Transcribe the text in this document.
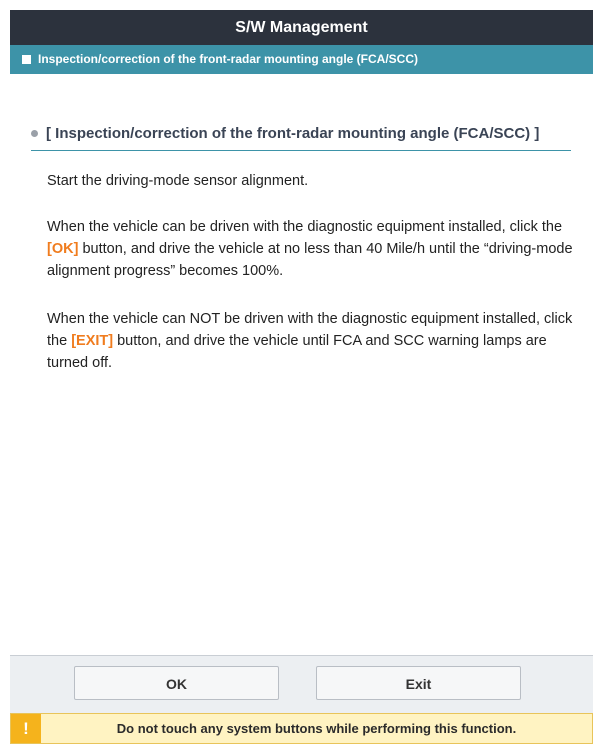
S/W Management
Inspection/correction of the front-radar mounting angle (FCA/SCC)
[ Inspection/correction of the front-radar mounting angle (FCA/SCC) ]
Start the driving-mode sensor alignment.
When the vehicle can be driven with the diagnostic equipment installed, click the [OK] button, and drive the vehicle at no less than 40 Mile/h until the “driving-mode alignment progress” becomes 100%.
When the vehicle can NOT be driven with the diagnostic equipment installed, click the [EXIT] button, and drive the vehicle until FCA and SCC warning lamps are turned off.
OK	Exit
!	Do not touch any system buttons while performing this function.
